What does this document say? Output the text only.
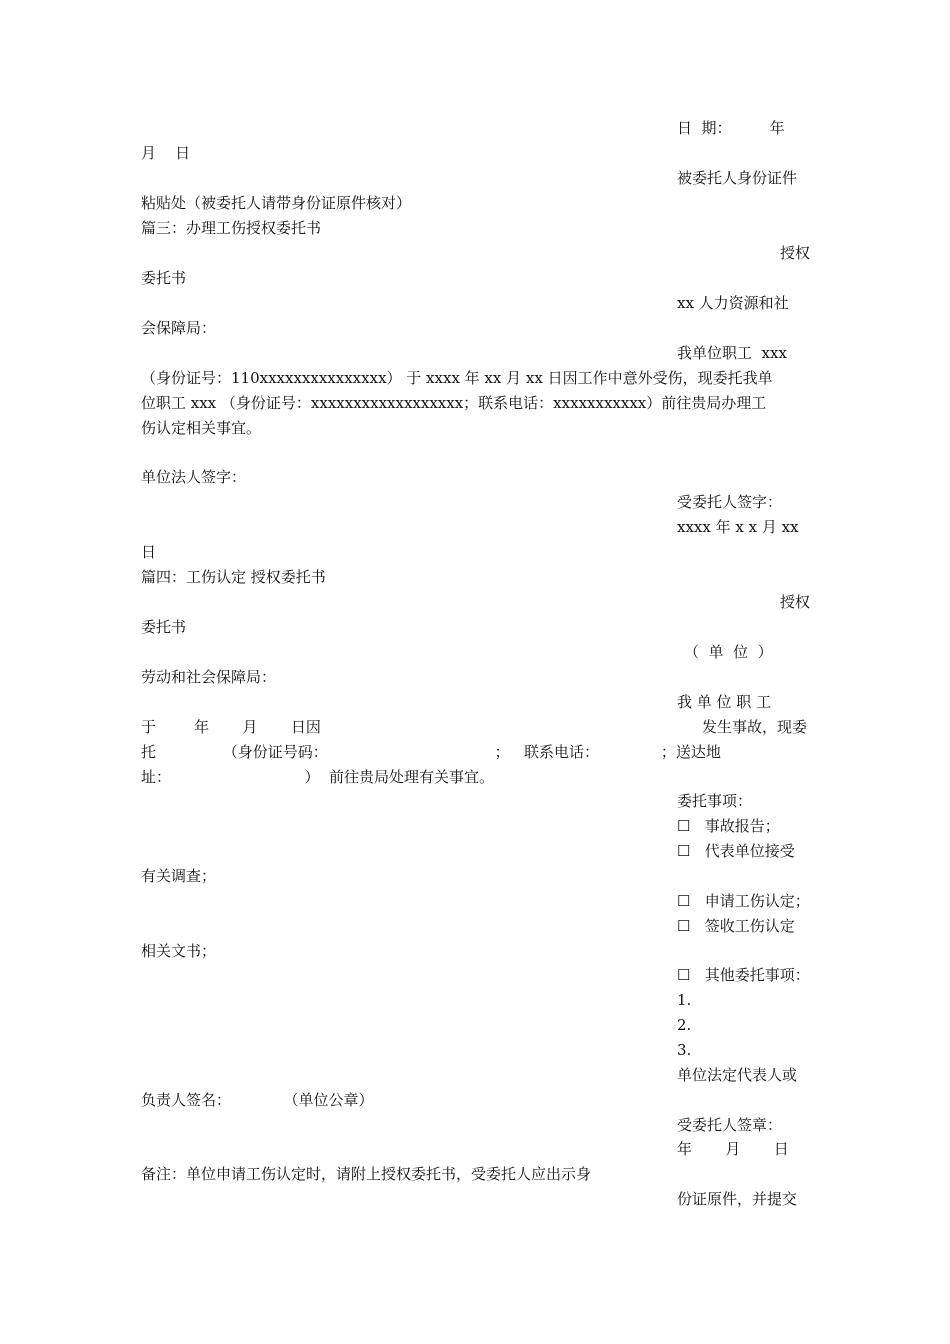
日  期：        年

月    日

被委托人身份证件

粘贴处（被委托人请带身份证原件核对）

篇三：办理工伤授权委托书

授权

委托书

xx 人力资源和社

会保障局：

我单位职工  xxx

（身份证号：110xxxxxxxxxxxxxxx） 于 xxxx 年 xx 月 xx 日因工作中意外受伤，现委托我单

位职工 xxx （身份证号：xxxxxxxxxxxxxxxxxx；联系电话：xxxxxxxxxxx）前往贵局办理工

伤认定相关事宜。

单位法人签字：

受委托人签字：

xxxx 年 x x 月 xx

日

篇四：工伤认定 授权委托书

授权

委托书

（  单  位  ）

劳动和社会保障局：

我 单 位 职 工

于        年       月       日因	发生事故，现委

托              （身份证号码：                                   ；   联系电话：             ；送达地

址：                            ）  前往贵局处理有关事宜。

委托事项：

☐   事故报告；

☐   代表单位接受

有关调查；

☐   申请工伤认定；

☐   签收工伤认定

相关文书；

☐   其他委托事项：

1.

2.

3.

单位法定代表人或

负责人签名：           （单位公章）

受委托人签章：

年       月       日

备注：单位申请工伤认定时，请附上授权委托书，受委托人应出示身

份证原件，并提交
